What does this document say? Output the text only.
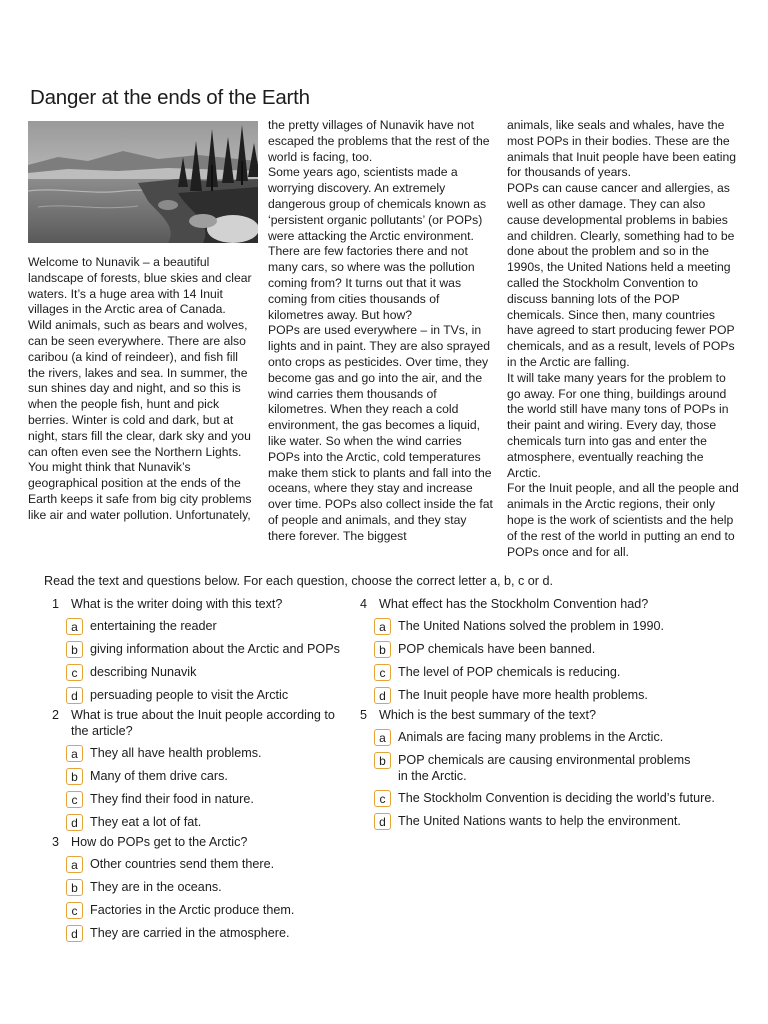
Danger at the ends of the Earth

Welcome to Nunavik – a beautiful landscape of forests, blue skies and clear waters. It’s a huge area with 14 Inuit villages in the Arctic area of Canada.

Wild animals, such as bears and wolves, can be seen everywhere. There are also caribou (a kind of reindeer), and fish fill the rivers, lakes and sea. In summer, the sun shines day and night, and so this is when the people fish, hunt and pick berries. Winter is cold and dark, but at night, stars fill the clear, dark sky and you can often even see the Northern Lights.

You might think that Nunavik’s geographical position at the ends of the Earth keeps it safe from big city problems like air and water pollution. Unfortunately,

the pretty villages of Nunavik have not escaped the problems that the rest of the world is facing, too.

Some years ago, scientists made a worrying discovery. An extremely dangerous group of chemicals known as ‘persistent organic pollutants’ (or POPs) were attacking the Arctic environment. There are few factories there and not many cars, so where was the pollution coming from? It turns out that it was coming from cities thousands of kilometres away. But how?

POPs are used everywhere – in TVs, in lights and in paint. They are also sprayed onto crops as pesticides. Over time, they become gas and go into the air, and the wind carries them thousands of kilometres. When they reach a cold environment, the gas becomes a liquid, like water. So when the wind carries POPs into the Arctic, cold temperatures make them stick to plants and fall into the oceans, where they stay and increase over time. POPs also collect inside the fat of people and animals, and they stay there forever. The biggest

animals, like seals and whales, have the most POPs in their bodies. These are the animals that Inuit people have been eating for thousands of years.

POPs can cause cancer and allergies, as well as other damage. They can also cause developmental problems in babies and children. Clearly, something had to be done about the problem and so in the 1990s, the United Nations held a meeting called the Stockholm Convention to discuss banning lots of the POP chemicals. Since then, many countries have agreed to start producing fewer POP chemicals, and as a result, levels of POPs in the Arctic are falling.

It will take many years for the problem to go away. For one thing, buildings around the world still have many tons of POPs in their paint and wiring. Every day, those chemicals turn into gas and enter the atmosphere, eventually reaching the Arctic.

For the Inuit people, and all the people and animals in the Arctic regions, their only hope is the work of scientists and the help of the rest of the world in putting an end to POPs once and for all.

Read the text and questions below. For each question, choose the correct letter a, b, c or d.
1 What is the writer doing with this text?
a entertaining the reader
b giving information about the Arctic and POPs
c describing Nunavik
d persuading people to visit the Arctic
2 What is true about the Inuit people according to the article?
a They all have health problems.
b Many of them drive cars.
c They find their food in nature.
d They eat a lot of fat.
3 How do POPs get to the Arctic?
a Other countries send them there.
b They are in the oceans.
c Factories in the Arctic produce them.
d They are carried in the atmosphere.
4 What effect has the Stockholm Convention had?
a The United Nations solved the problem in 1990.
b POP chemicals have been banned.
c The level of POP chemicals is reducing.
d The Inuit people have more health problems.
5 Which is the best summary of the text?
a Animals are facing many problems in the Arctic.
b POP chemicals are causing environmental problems in the Arctic.
c The Stockholm Convention is deciding the world’s future.
d The United Nations wants to help the environment.
